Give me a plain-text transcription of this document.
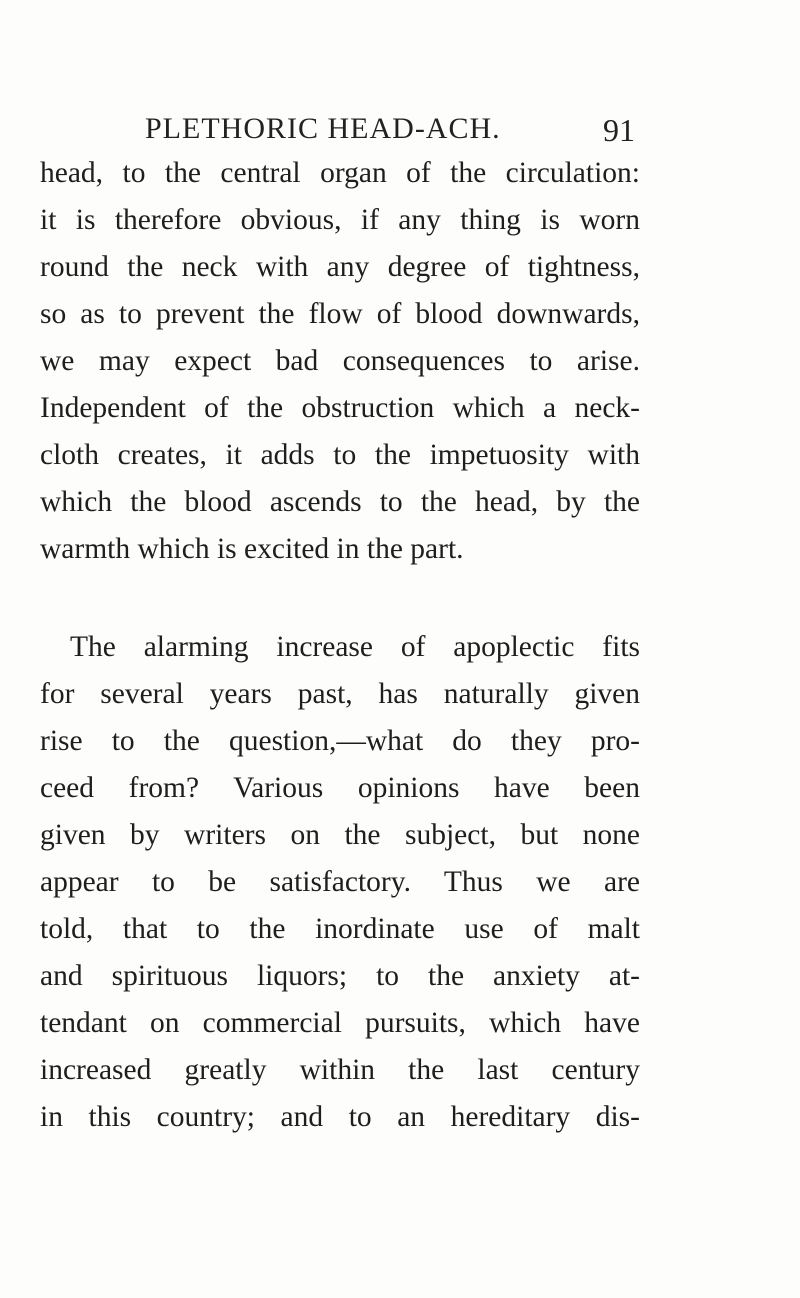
PLETHORIC HEAD-ACH.	91
head, to the central organ of the circulation:
it is therefore obvious, if any thing is worn
round the neck with any degree of tightness,
so as to prevent the flow of blood downwards,
we may expect bad consequences to arise.
Independent of the obstruction which a neck-
cloth creates, it adds to the impetuosity with
which the blood ascends to the head, by the
warmth which is excited in the part.
The alarming increase of apoplectic fits
for several years past, has naturally given
rise to the question,—what do they pro-
ceed from? Various opinions have been
given by writers on the subject, but none
appear to be satisfactory. Thus we are
told, that to the inordinate use of malt
and spirituous liquors; to the anxiety at-
tendant on commercial pursuits, which have
increased greatly within the last century
in this country; and to an hereditary dis-
